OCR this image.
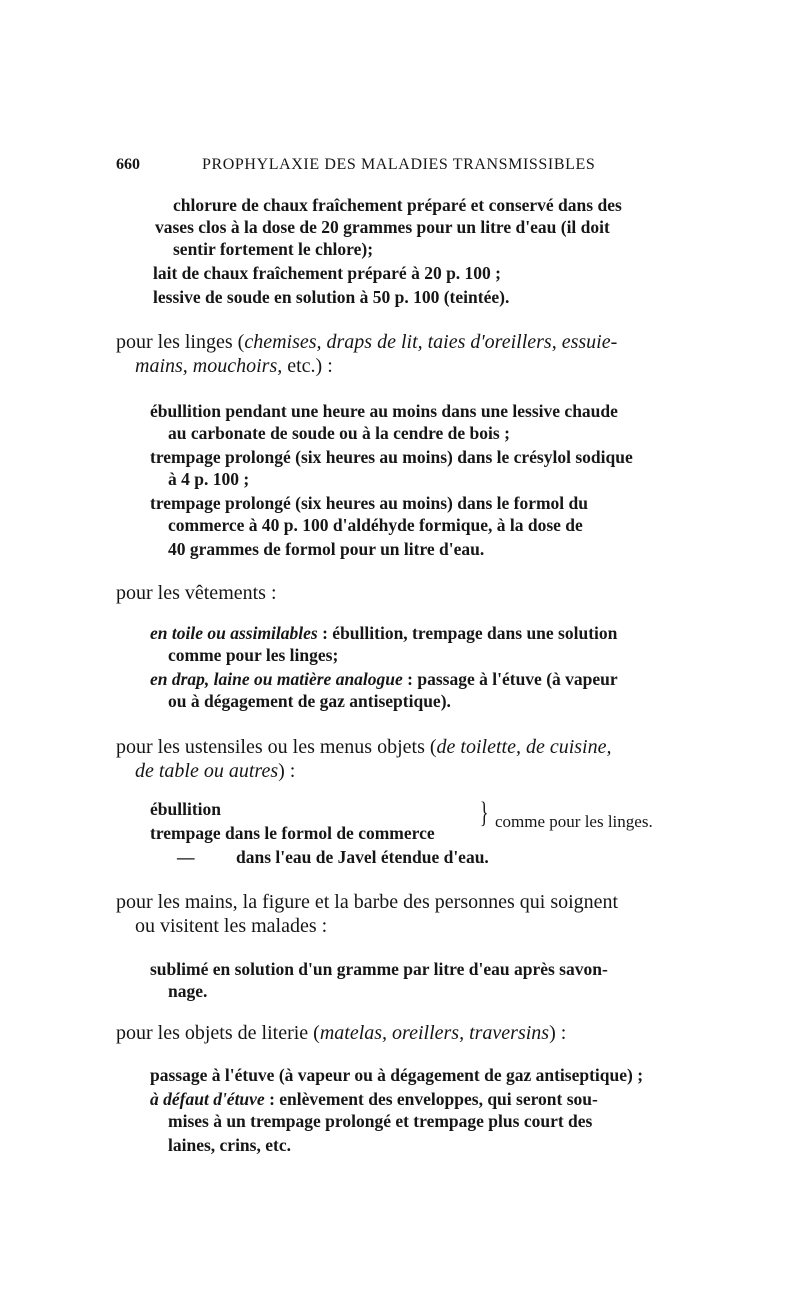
660	PROPHYLAXIE DES MALADIES TRANSMISSIBLES
chlorure de chaux fraîchement préparé et conservé dans des
vases clos à la dose de 20 grammes pour un litre d'eau (il doit
sentir fortement le chlore);
lait de chaux fraîchement préparé à 20 p. 100 ;
lessive de soude en solution à 50 p. 100 (teintée).
pour les linges (chemises, draps de lit, taies d'oreillers, essuie-
mains, mouchoirs, etc.) :
ébullition pendant une heure au moins dans une lessive chaude
au carbonate de soude ou à la cendre de bois ;
trempage prolongé (six heures au moins) dans le crésylol sodique
à 4 p. 100 ;
trempage prolongé (six heures au moins) dans le formol du
commerce à 40 p. 100 d'aldéhyde formique, à la dose de
40 grammes de formol pour un litre d'eau.
pour les vêtements :
en toile ou assimilables : ébullition, trempage dans une solution
comme pour les linges;
en drap, laine ou matière analogue : passage à l'étuve (à vapeur
ou à dégagement de gaz antiseptique).
pour les ustensiles ou les menus objets (de toilette, de cuisine,
de table ou autres) :
ébullition
trempage dans le formol de commerce
} comme pour les linges.
— dans l'eau de Javel étendue d'eau.
pour les mains, la figure et la barbe des personnes qui soignent
ou visitent les malades :
sublimé en solution d'un gramme par litre d'eau après savon-
nage.
pour les objets de literie (matelas, oreillers, traversins) :
passage à l'étuve (à vapeur ou à dégagement de gaz antiseptique) ;
à défaut d'étuve : enlèvement des enveloppes, qui seront sou-
mises à un trempage prolongé et trempage plus court des
laines, crins, etc.
